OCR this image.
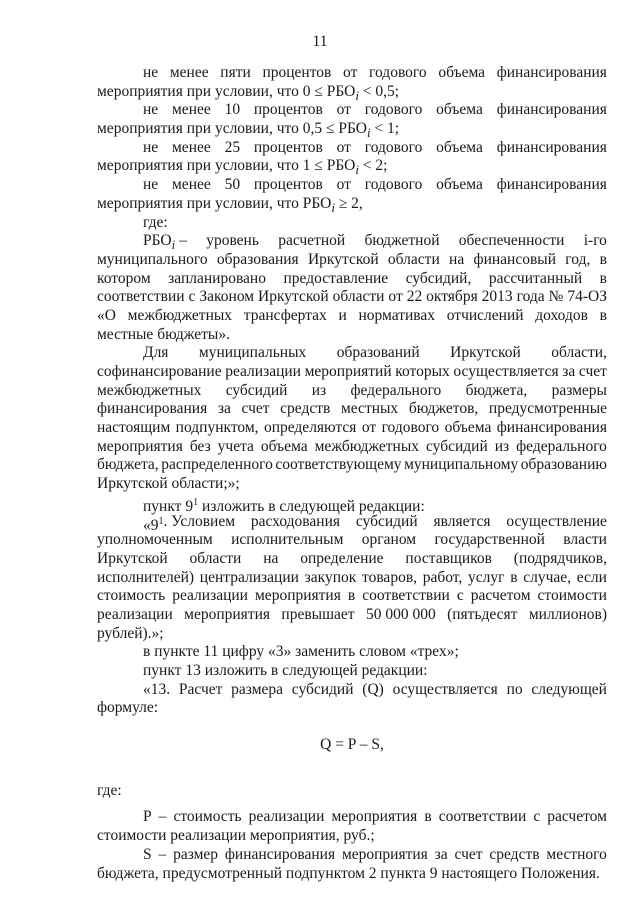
11
не менее пяти процентов от годового объема финансирования
мероприятия при условии, что $0 \le РБО_i < 0,5$;
не менее 10 процентов от годового объема финансирования
мероприятия при условии, что $0,5 \le РБО_i < 1$;
не менее 25 процентов от годового объема финансирования
мероприятия при условии, что $1 \le РБО_i < 2$;
не менее 50 процентов от годового объема финансирования
мероприятия при условии, что $РБО_i \ge 2$,
где:
$РБО_i$ – уровень расчетной бюджетной обеспеченности i-го
муниципального образования Иркутской области на финансовый год, в
котором запланировано предоставление субсидий, рассчитанный в
соответствии с Законом Иркутской области от 22 октября 2013 года № 74-ОЗ
«О межбюджетных трансфертах и нормативах отчислений доходов в
местные бюджеты».
Для муниципальных образований Иркутской области,
софинансирование реализации мероприятий которых осуществляется за счет
межбюджетных субсидий из федерального бюджета, размеры
финансирования за счет средств местных бюджетов, предусмотренные
настоящим подпунктом, определяются от годового объема финансирования
мероприятия без учета объема межбюджетных субсидий из федерального
бюджета, распределенного соответствующему муниципальному образованию
Иркутской области;»;
пункт $9^1$ изложить в следующей редакции:
«$9^1$ . Условием расходования субсидий является осуществление
уполномоченным исполнительным органом государственной власти
Иркутской области на определение поставщиков (подрядчиков,
исполнителей) централизации закупок товаров, работ, услуг в случае, если
стоимость реализации мероприятия в соответствии с расчетом стоимости
реализации мероприятия превышает 50 000 000 (пятьдесят миллионов)
рублей).»;
в пункте 11 цифру «3» заменить словом «трех»;
пункт 13 изложить в следующей редакции:
«13. Расчет размера субсидий (Q) осуществляется по следующей
формуле:
Q = P – S,
где:
P – стоимость реализации мероприятия в соответствии с расчетом
стоимости реализации мероприятия, руб.;
S – размер финансирования мероприятия за счет средств местного
бюджета, предусмотренный подпунктом 2 пункта 9 настоящего Положения.
